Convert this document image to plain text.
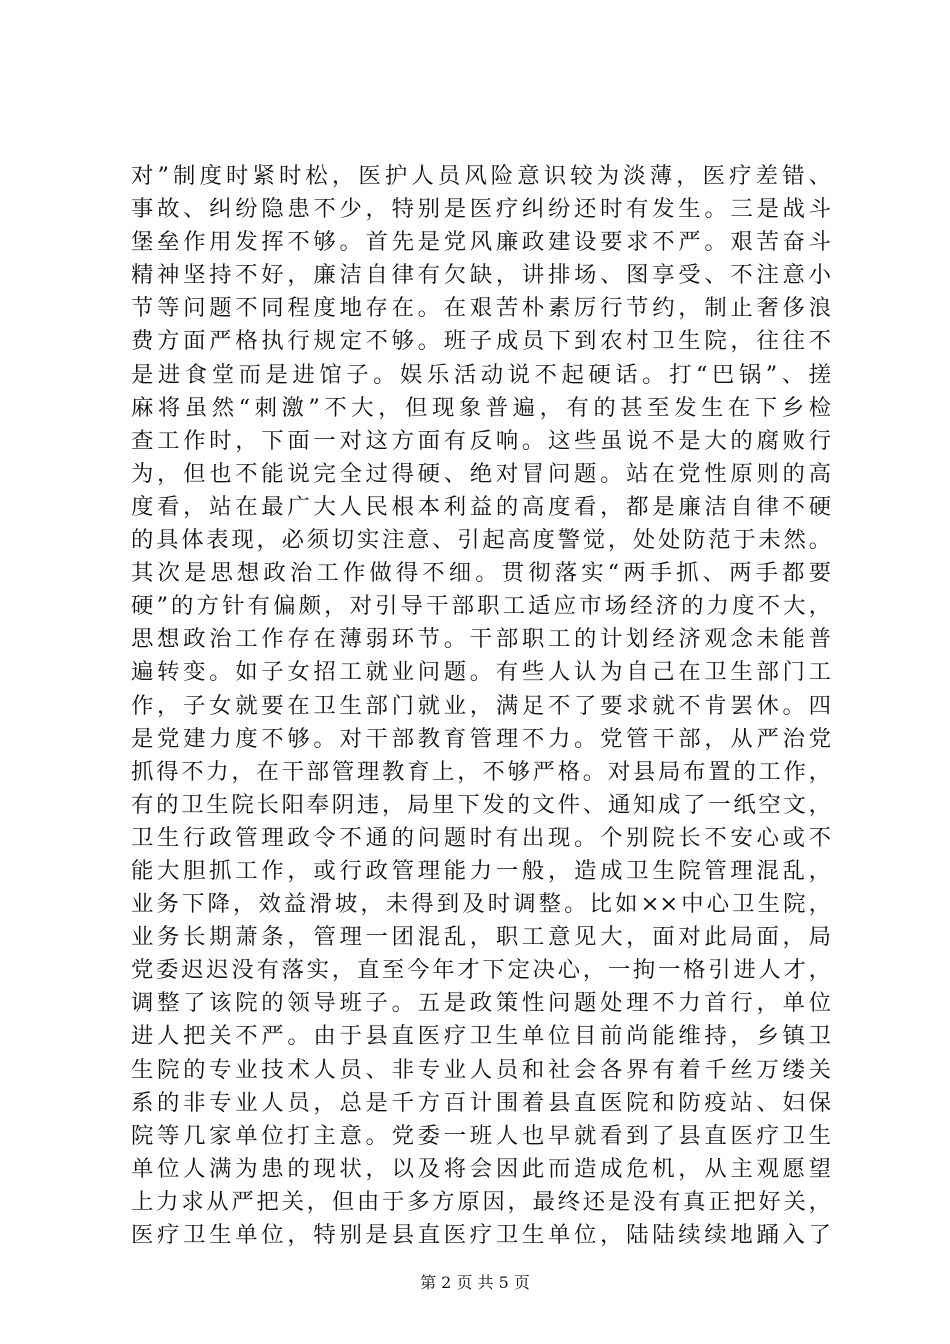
对”制度时紧时松，医护人员风险意识较为淡薄，医疗差错、
事故、纠纷隐患不少，特别是医疗纠纷还时有发生。三是战斗
堡垒作用发挥不够。首先是党风廉政建设要求不严。艰苦奋斗
精神坚持不好，廉洁自律有欠缺，讲排场、图享受、不注意小
节等问题不同程度地存在。在艰苦朴素厉行节约，制止奢侈浪
费方面严格执行规定不够。班子成员下到农村卫生院，往往不
是进食堂而是进馆子。娱乐活动说不起硬话。打“巴锅”、搓
麻将虽然“刺激”不大，但现象普遍，有的甚至发生在下乡检
查工作时，下面一对这方面有反响。这些虽说不是大的腐败行
为，但也不能说完全过得硬、绝对冒问题。站在党性原则的高
度看，站在最广大人民根本利益的高度看，都是廉洁自律不硬
的具体表现，必须切实注意、引起高度警觉，处处防范于未然。
其次是思想政治工作做得不细。贯彻落实“两手抓、两手都要
硬”的方针有偏颇，对引导干部职工适应市场经济的力度不大，
思想政治工作存在薄弱环节。干部职工的计划经济观念未能普
遍转变。如子女招工就业问题。有些人认为自己在卫生部门工
作，子女就要在卫生部门就业，满足不了要求就不肯罢休。四
是党建力度不够。对干部教育管理不力。党管干部，从严治党
抓得不力，在干部管理教育上，不够严格。对县局布置的工作，
有的卫生院长阳奉阴违，局里下发的文件、通知成了一纸空文，
卫生行政管理政令不通的问题时有出现。个别院长不安心或不
能大胆抓工作，或行政管理能力一般，造成卫生院管理混乱，
业务下降，效益滑坡，未得到及时调整。比如××中心卫生院，
业务长期萧条，管理一团混乱，职工意见大，面对此局面，局
党委迟迟没有落实，直至今年才下定决心，一拘一格引进人才，
调整了该院的领导班子。五是政策性问题处理不力首行，单位
进人把关不严。由于县直医疗卫生单位目前尚能维持，乡镇卫
生院的专业技术人员、非专业人员和社会各界有着千丝万缕关
系的非专业人员，总是千方百计围着县直医院和防疫站、妇保
院等几家单位打主意。党委一班人也早就看到了县直医疗卫生
单位人满为患的现状，以及将会因此而造成危机，从主观愿望
上力求从严把关，但由于多方原因，最终还是没有真正把好关，
医疗卫生单位，特别是县直医疗卫生单位，陆陆续续地踊入了
第 2 页 共 5 页
